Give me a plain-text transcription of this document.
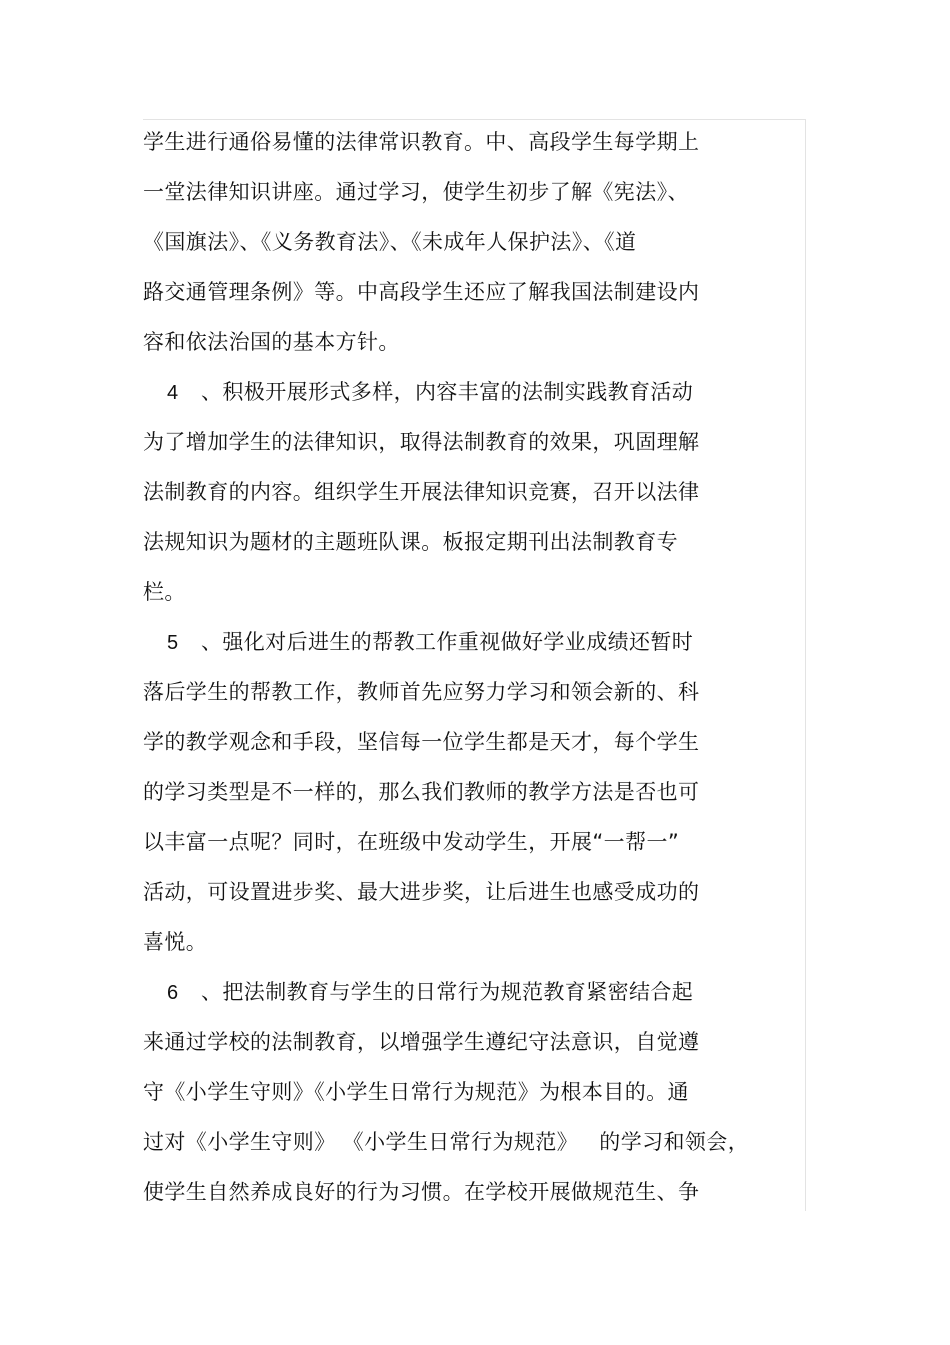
学生进行通俗易懂的法律常识教育。中、高段学生每学期上
一堂法律知识讲座。通过学习，使学生初步了解《宪法》、
《国旗法》、《义务教育法》、《未成年人保护法》、《道
路交通管理条例》等。中高段学生还应了解我国法制建设内
容和依法治国的基本方针。
4 、积极开展形式多样，内容丰富的法制实践教育活动
为了增加学生的法律知识，取得法制教育的效果，巩固理解
法制教育的内容。组织学生开展法律知识竞赛，召开以法律
法规知识为题材的主题班队课。板报定期刊出法制教育专
栏。
5 、强化对后进生的帮教工作重视做好学业成绩还暂时
落后学生的帮教工作，教师首先应努力学习和领会新的、科
学的教学观念和手段，坚信每一位学生都是天才，每个学生
的学习类型是不一样的，那么我们教师的教学方法是否也可
以丰富一点呢？同时，在班级中发动学生，开展“一帮一”
活动，可设置进步奖、最大进步奖，让后进生也感受成功的
喜悦。
6 、把法制教育与学生的日常行为规范教育紧密结合起
来通过学校的法制教育，以增强学生遵纪守法意识，自觉遵
守《小学生守则》《小学生日常行为规范》为根本目的。通
过对《小学生守则》 《小学生日常行为规范》   的学习和领会，
使学生自然养成良好的行为习惯。在学校开展做规范生、争
